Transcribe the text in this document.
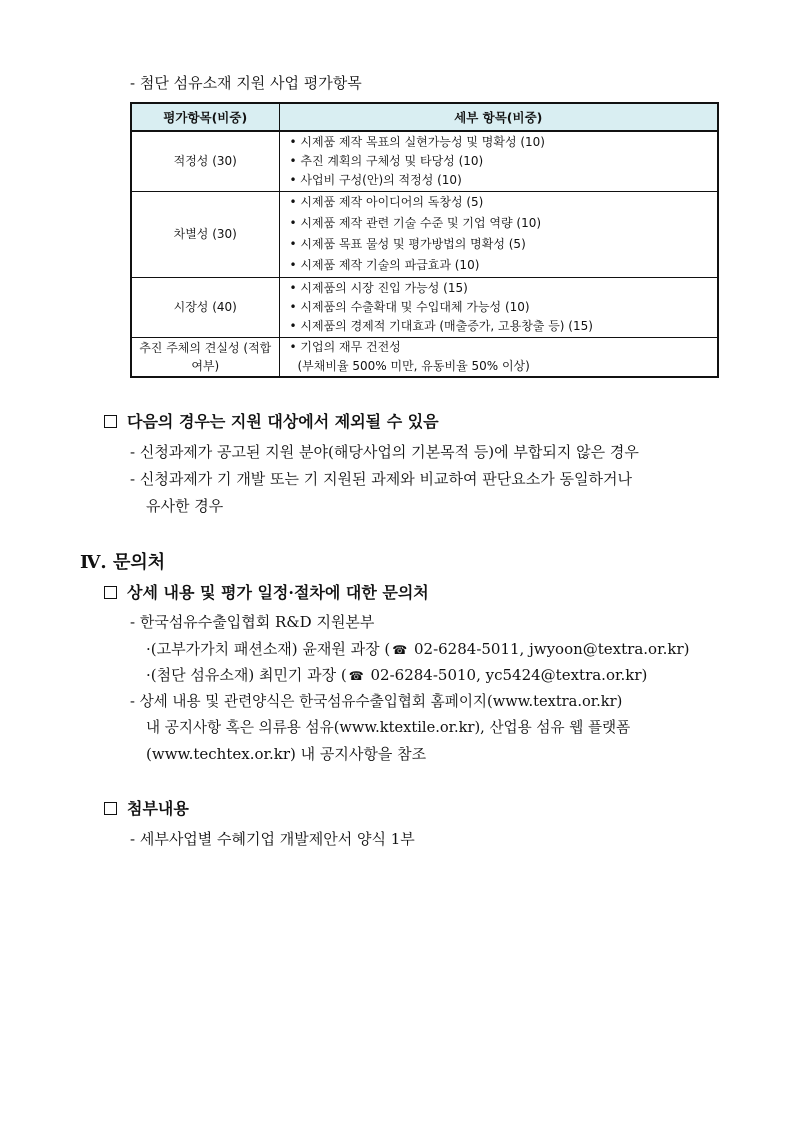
- 첨단 섬유소재 지원 사업 평가항목
평가항목(비중)	세부 항목(비중)
적정성 (30)	• 시제품 제작 목표의 실현가능성 및 명확성 (10)
• 추진 계획의 구체성 및 타당성 (10)
• 사업비 구성(안)의 적정성 (10)

차별성 (30)	• 시제품 제작 아이디어의 독창성 (5)
• 시제품 제작 관련 기술 수준 및 기업 역량 (10)
• 시제품 목표 물성 및 평가방법의 명확성 (5)
• 시제품 제작 기술의 파급효과 (10)

시장성 (40)	• 시제품의 시장 진입 가능성 (15)
• 시제품의 수출확대 및 수입대체 가능성 (10)
• 시제품의 경제적 기대효과 (매출증가, 고용창출 등) (15)

추진 주체의 견실성 (적합여부)	• 기업의 재무 건전성
(부채비율 500% 미만, 유동비율 50% 이상)
다음의 경우는 지원 대상에서 제외될 수 있음
- 신청과제가 공고된 지원 분야(해당사업의 기본목적 등)에 부합되지 않은 경우
- 신청과제가 기 개발 또는 기 지원된 과제와 비교하여 판단요소가 동일하거나
유사한 경우
Ⅳ. 문의처
상세 내용 및 평가 일정·절차에 대한 문의처
- 한국섬유수출입협회 R&D 지원본부
·(고부가가치 패션소재) 윤재원 과장 ( ☎ 02-6284-5011, jwyoon@textra.or.kr)
·(첨단 섬유소재) 최민기 과장 ( ☎ 02-6284-5010, yc5424@textra.or.kr)
- 상세 내용 및 관련양식은 한국섬유수출입협회 홈페이지(www.textra.or.kr)
내 공지사항 혹은 의류용 섬유(www.ktextile.or.kr), 산업용 섬유 웹 플랫폼
(www.techtex.or.kr) 내 공지사항을 참조
첨부내용
- 세부사업별 수혜기업 개발제안서 양식 1부
